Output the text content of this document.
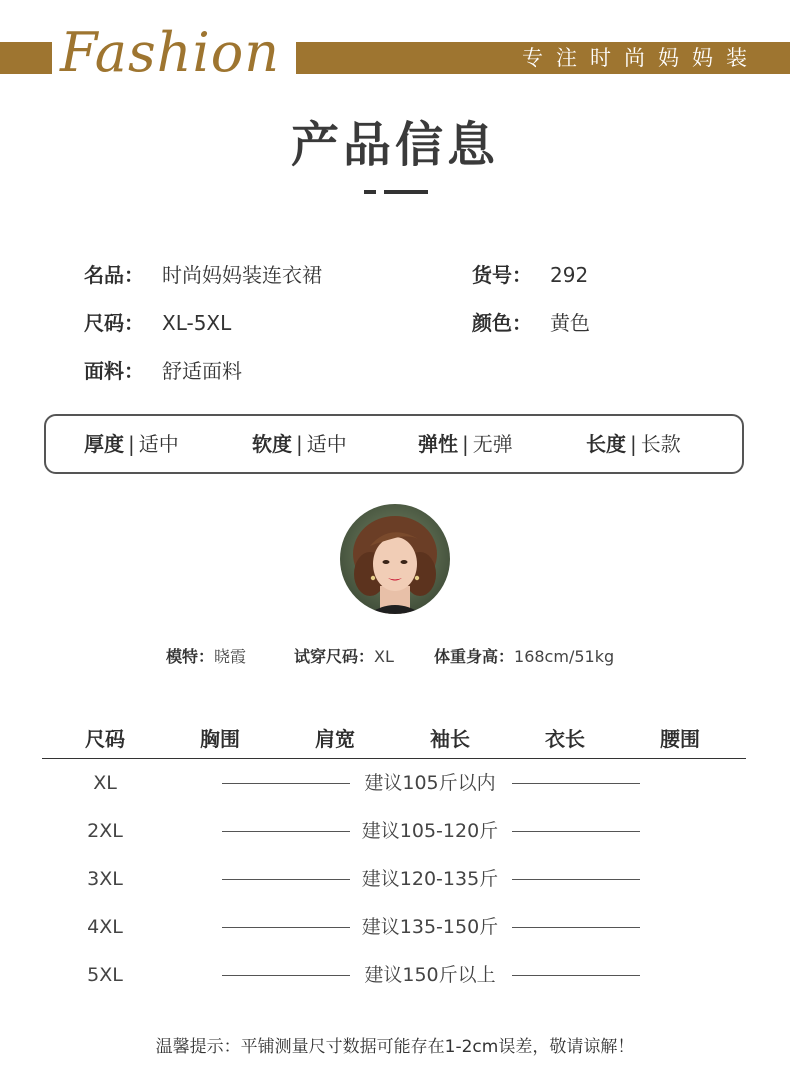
Fashion	专注时尚妈妈装
产品信息
名品： 时尚妈妈装连衣裙	货号： 292
尺码： XL-5XL	颜色： 黄色
面料： 舒适面料
厚度 | 适中	软度 | 适中	弹性 | 无弹	长度 | 长款
模特：晓霞	试穿尺码：XL	体重身高：168cm/51kg
尺码	胸围	肩宽	袖长	衣长	腰围
XL	建议105斤以内
2XL	建议105-120斤
3XL	建议120-135斤
4XL	建议135-150斤
5XL	建议150斤以上
温馨提示：平铺测量尺寸数据可能存在1-2cm误差，敬请谅解！
